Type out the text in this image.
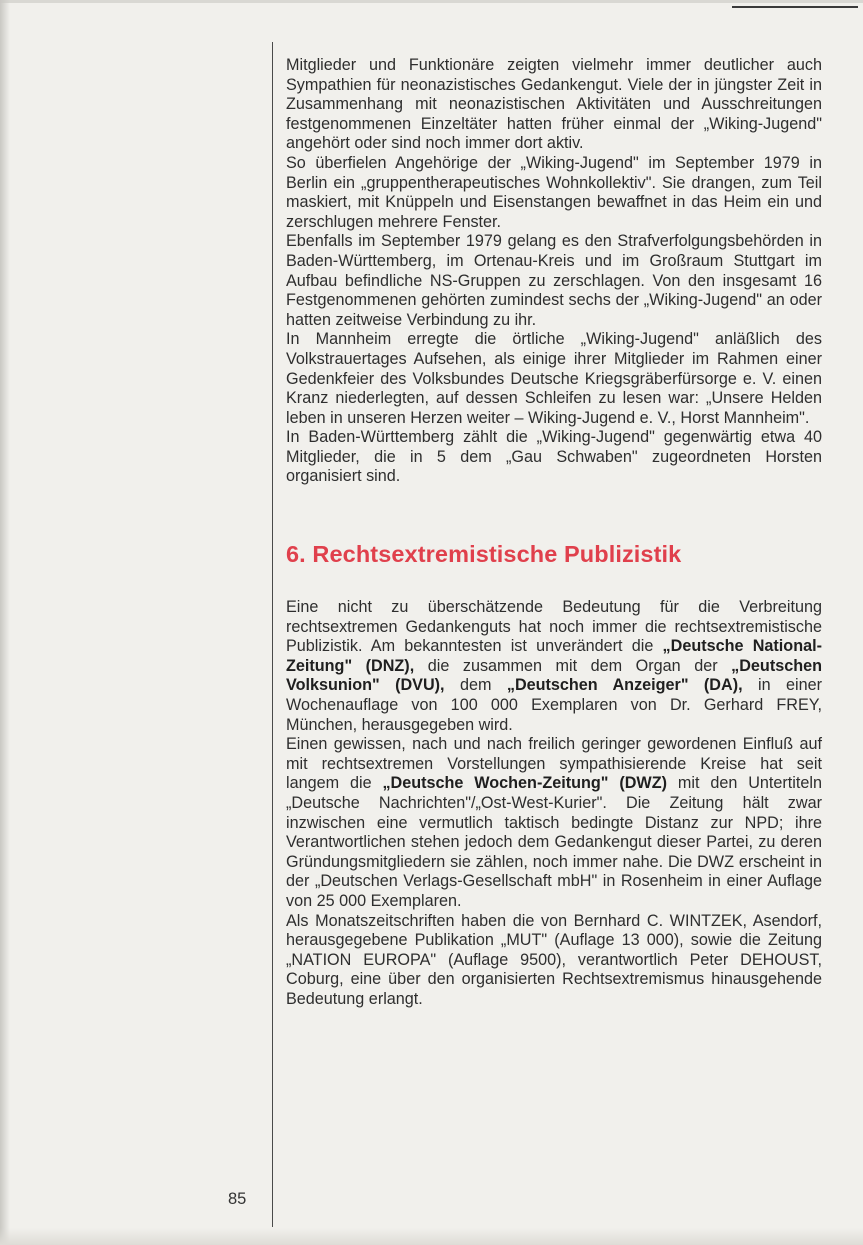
85

Mitglieder und Funktionäre zeigten vielmehr immer deutlicher auch Sympathien für neonazistisches Gedankengut. Viele der in jüngster Zeit in Zusammenhang mit neonazistischen Aktivitäten und Ausschreitungen festgenommenen Einzeltäter hatten früher einmal der „Wiking-Jugend" angehört oder sind noch immer dort aktiv.

So überfielen Angehörige der „Wiking-Jugend" im September 1979 in Berlin ein „gruppentherapeutisches Wohnkollektiv". Sie drangen, zum Teil maskiert, mit Knüppeln und Eisenstangen bewaffnet in das Heim ein und zerschlugen mehrere Fenster.

Ebenfalls im September 1979 gelang es den Strafverfolgungsbehörden in Baden-Württemberg, im Ortenau-Kreis und im Großraum Stuttgart im Aufbau befindliche NS-Gruppen zu zerschlagen. Von den insgesamt 16 Festgenommenen gehörten zumindest sechs der „Wiking-Jugend" an oder hatten zeitweise Verbindung zu ihr.

In Mannheim erregte die örtliche „Wiking-Jugend" anläßlich des Volkstrauertages Aufsehen, als einige ihrer Mitglieder im Rahmen einer Gedenkfeier des Volksbundes Deutsche Kriegsgräberfürsorge e. V. einen Kranz niederlegten, auf dessen Schleifen zu lesen war: „Unsere Helden leben in unseren Herzen weiter – Wiking-Jugend e. V., Horst Mannheim".

In Baden-Württemberg zählt die „Wiking-Jugend" gegenwärtig etwa 40 Mitglieder, die in 5 dem „Gau Schwaben" zugeordneten Horsten organisiert sind.

6. Rechtsextremistische Publizistik

Eine nicht zu überschätzende Bedeutung für die Verbreitung rechtsextremen Gedankenguts hat noch immer die rechtsextremistische Publizistik. Am bekanntesten ist unverändert die „Deutsche National-Zeitung" (DNZ), die zusammen mit dem Organ der „Deutschen Volksunion" (DVU), dem „Deutschen Anzeiger" (DA), in einer Wochenauflage von 100 000 Exemplaren von Dr. Gerhard FREY, München, herausgegeben wird.

Einen gewissen, nach und nach freilich geringer gewordenen Einfluß auf mit rechtsextremen Vorstellungen sympathisierende Kreise hat seit langem die „Deutsche Wochen-Zeitung" (DWZ) mit den Untertiteln „Deutsche Nachrichten"/„Ost-West-Kurier". Die Zeitung hält zwar inzwischen eine vermutlich taktisch bedingte Distanz zur NPD; ihre Verantwortlichen stehen jedoch dem Gedankengut dieser Partei, zu deren Gründungsmitgliedern sie zählen, noch immer nahe. Die DWZ erscheint in der „Deutschen Verlags-Gesellschaft mbH" in Rosenheim in einer Auflage von 25 000 Exemplaren.

Als Monatszeitschriften haben die von Bernhard C. WINTZEK, Asendorf, herausgegebene Publikation „MUT" (Auflage 13 000), sowie die Zeitung „NATION EUROPA" (Auflage 9500), verantwortlich Peter DEHOUST, Coburg, eine über den organisierten Rechtsextremismus hinausgehende Bedeutung erlangt.
